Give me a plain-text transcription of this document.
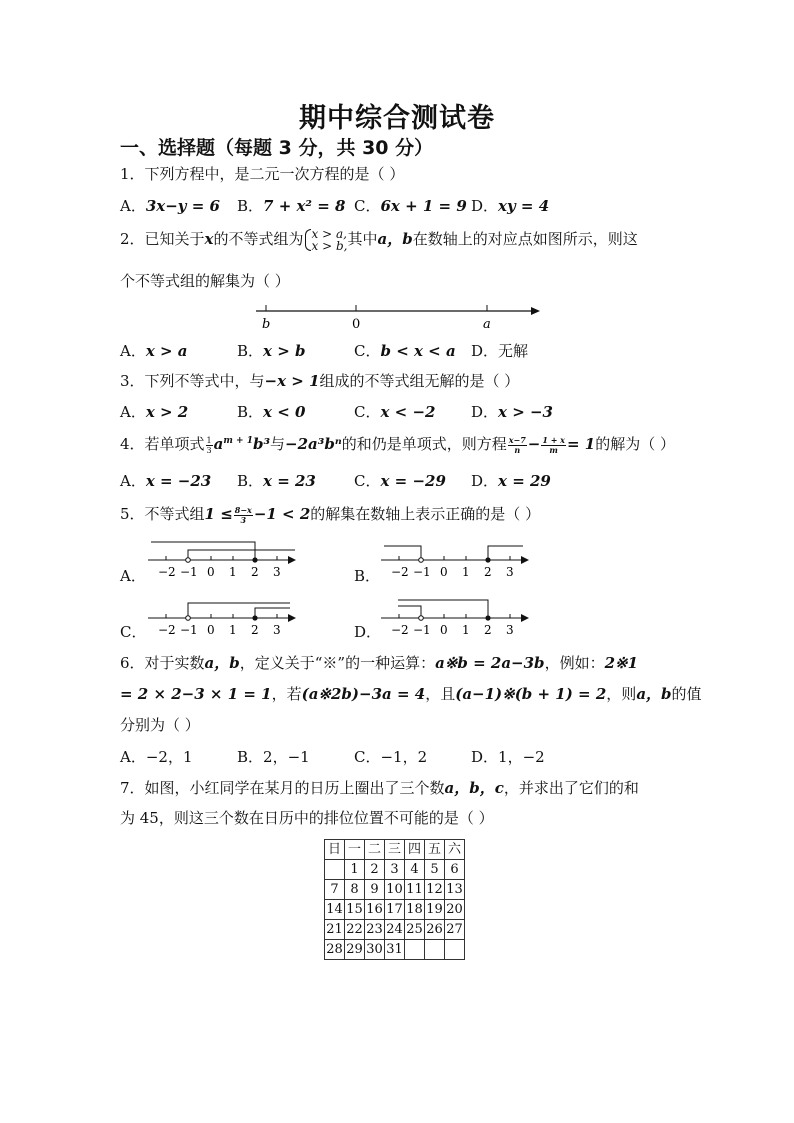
期中综合测试卷
一、选择题（每题 3 分，共 30 分）
1．下列方程中，是二元一次方程的是（ ）
A．3x−y = 6 B．7 + x² = 8 C．6x + 1 = 9 D．xy = 4
2．已知关于x的不等式组为 x > a,
x > b, 其中a，b在数轴上的对应点如图所示，则这
个不等式组的解集为（ ）
b	0	a
A．x > a	B．x > b	C．b < x < a D．无解
3．下列不等式中，与−x > 1组成的不等式组无解的是（ ）
A．x > 2	B．x < 0	C．x < −2 D．x > −3
4．若单项式 $\frac{1}{3} a^{m + 1}b^3$与−2a³bⁿ的和仍是单项式，则方程 $\frac{x-7}{n} - \frac{1 + x}{m} = 1$的解为（ ）
A．x = −23 B．x = 23	C．x = −29 D．x = 29
5．不等式组$1 \le \frac{8-x}{3} -1 < 2$的解集在数轴上表示正确的是（ ）
A．	B．
C．	D．
−2 −1 0 1 2 3	−2 −1 0 1 2 3
−2 −1 0 1 2 3	−2 −1 0 1 2 3
6．对于实数a，b，定义关于“※”的一种运算：a※b = 2a−3b，例如：2※1
= 2 × 2−3 × 1 = 1，若(a※2b)−3a = 4，且(a−1)※(b + 1) = 2，则a，b的值
分别为（ ）
A．−2，1	B．2，−1	C．−1，2	D．1，−2
7．如图，小红同学在某月的日历上圈出了三个数a，b，c，并求出了它们的和
为 45，则这三个数在日历中的排位位置不可能的是（ ）
日	一	二	三	四	五	六
	1	2	3	4	5	6
7	8	9	10	11	12	13
14	15	16	17	18	19	20
21	22	23	24	25	26	27
28	29	30	31			
